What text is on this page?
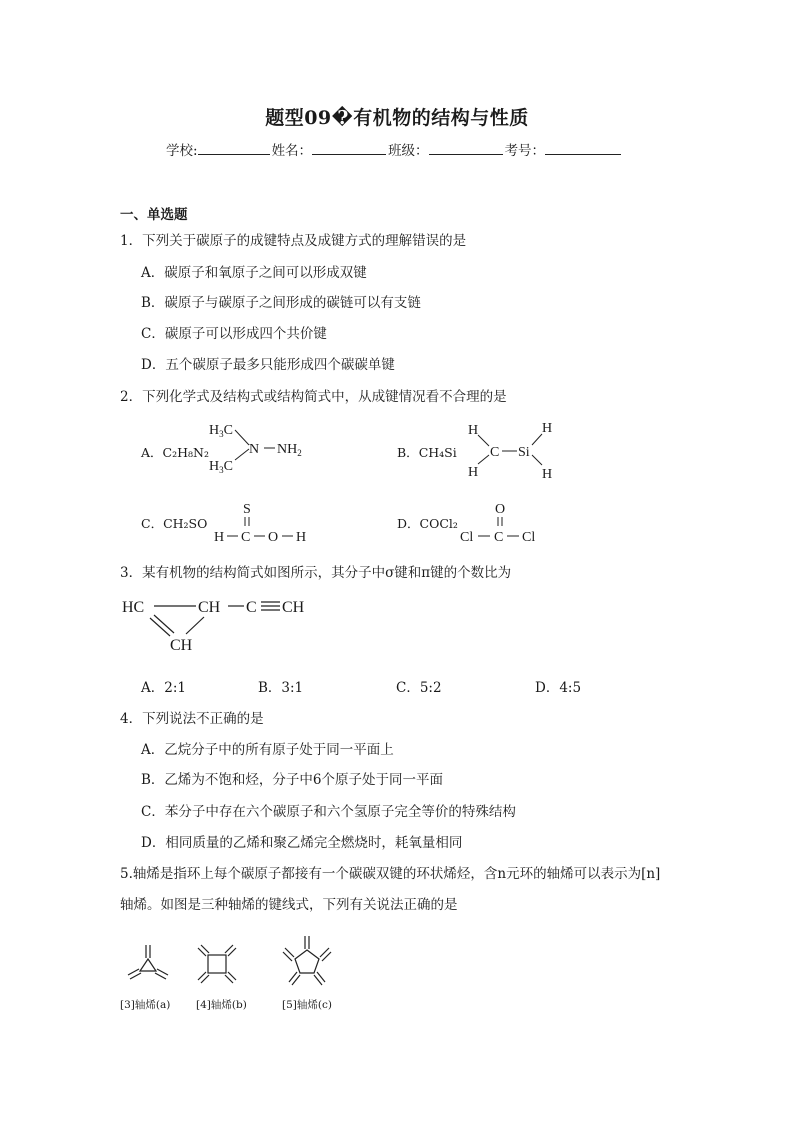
题型09�有机物的结构与性质
学校:	姓名：	班级：	考号：
一、单选题
1．下列关于碳原子的成键特点及成键方式的理解错误的是
A．碳原子和氧原子之间可以形成双键
B．碳原子与碳原子之间形成的碳链可以有支链
C．碳原子可以形成四个共价键
D．五个碳原子最多只能形成四个碳碳单键
2．下列化学式及结构式或结构简式中，从成键情况看不合理的是
A．C₂H₈N₂	B．CH₄Si
C．CH₂SO	D．COCl₂
$H_3C$
$H_3C$
N $NH_2$
H
H
C Si
H
H
S
H C O H
O
Cl C Cl
3．某有机物的结构简式如图所示，其分子中σ键和π键的个数比为
HC	CH C CH
CH
A．2:1	B．3:1	C．5:2	D．4:5
4．下列说法不正确的是
A．乙烷分子中的所有原子处于同一平面上
B．乙烯为不饱和烃，分子中6个原子处于同一平面
C．苯分子中存在六个碳原子和六个氢原子完全等价的特殊结构
D．相同质量的乙烯和聚乙烯完全燃烧时，耗氧量相同
5.轴烯是指环上每个碳原子都接有一个碳碳双键的环状烯烃，含n元环的轴烯可以表示为[n]
轴烯。如图是三种轴烯的键线式，下列有关说法正确的是
[3]轴烯(a) [4]轴烯(b)	[5]轴烯(c)
